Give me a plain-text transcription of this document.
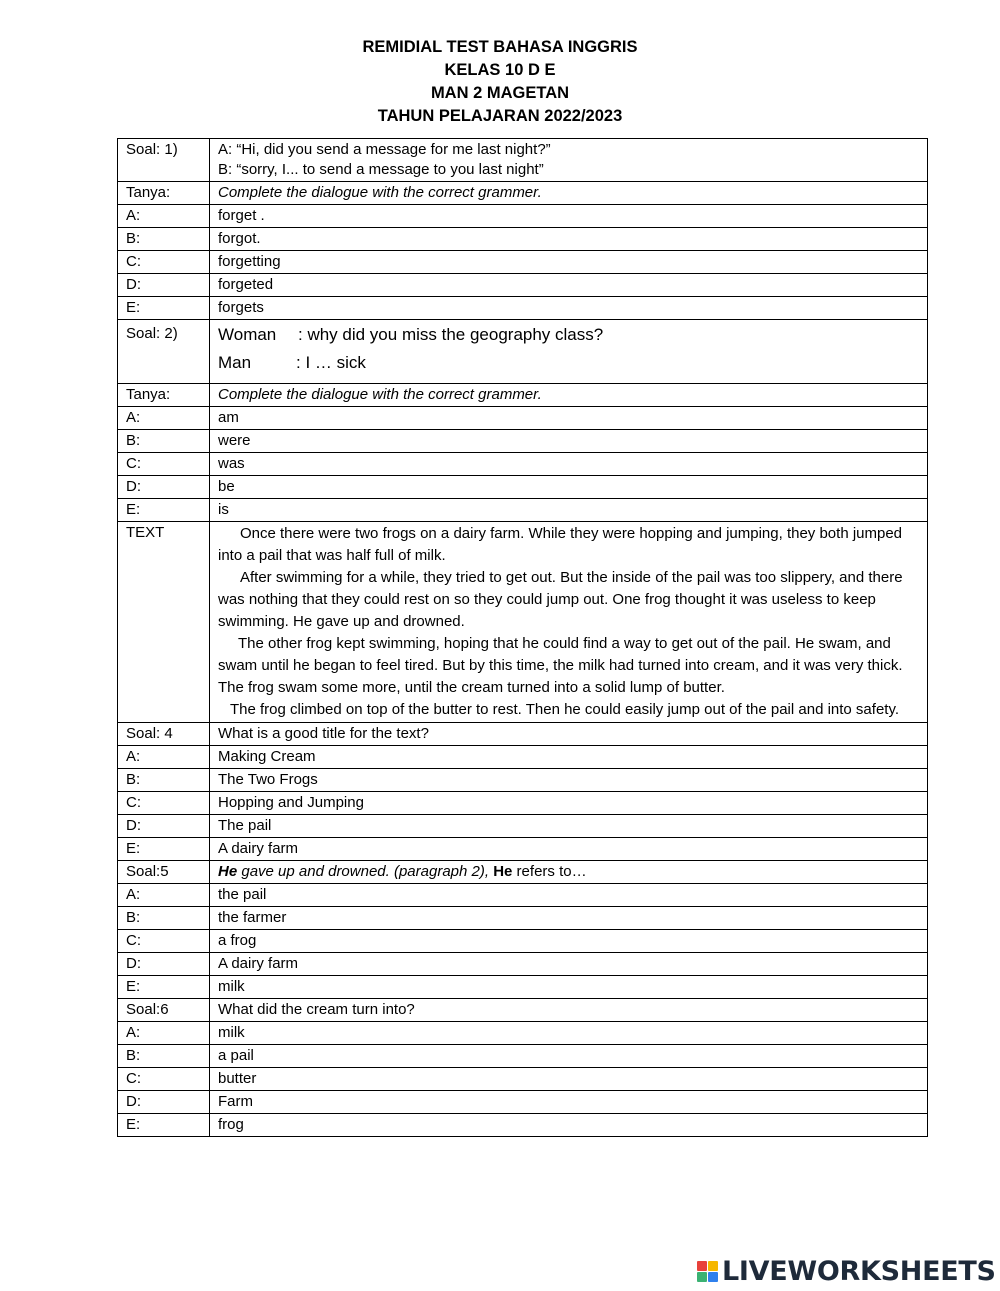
REMIDIAL TEST BAHASA INGGRIS
KELAS 10 D E
MAN 2 MAGETAN
TAHUN PELAJARAN 2022/2023
Soal: 1)	A: “Hi, did you send a message for me last night?”
B: “sorry, I... to send a message to you last night”

Tanya:	Complete the dialogue with the correct grammer.
A:	forget .
B:	forgot.
C:	forgetting
D:	forgeted
E:	forgets
Soal: 2)	Woman : why did you miss the geography class?
Man : I … sick

Tanya:	Complete the dialogue with the correct grammer.
A:	am
B:	were
C:	was
D:	be
E:	is
TEXT	Once there were two frogs on a dairy farm. While they were hopping and jumping, they both jumped into a pail that was half full of milk.
After swimming for a while, they tried to get out. But the inside of the pail was too slippery, and there was nothing that they could rest on so they could jump out. One frog thought it was useless to keep swimming. He gave up and drowned.
The other frog kept swimming, hoping that he could find a way to get out of the pail. He swam, and swam until he began to feel tired. But by this time, the milk had turned into cream, and it was very thick. The frog swam some more, until the cream turned into a solid lump of butter.
The frog climbed on top of the butter to rest. Then he could easily jump out of the pail and into safety.

Soal: 4	What is a good title for the text?
A:	Making Cream
B:	The Two Frogs
C:	Hopping and Jumping
D:	The pail
E:	A dairy farm
Soal:5	He gave up and drowned. (paragraph 2), He refers to…
A:	the pail
B:	the farmer
C:	a frog
D:	A dairy farm
E:	milk
Soal:6	What did the cream turn into?
A:	milk
B:	a pail
C:	butter
D:	Farm
E:	frog
LIVEWORKSHEETS
